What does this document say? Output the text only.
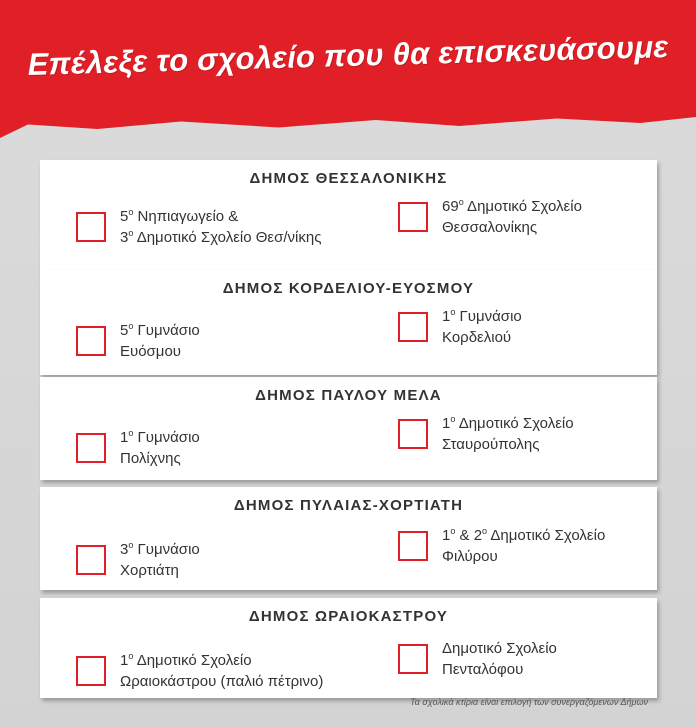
Επέλεξε το σχολείο που θα επισκευάσουμε
ΔΗΜΟΣ ΘΕΣΣΑΛΟΝΙΚΗΣ
$5^o$ Νηπιαγωγείο &
$3^o$ Δημοτικό Σχολείο Θεσ/νίκης
$69^o$ Δημοτικό Σχολείο
Θεσσαλονίκης
ΔΗΜΟΣ ΚΟΡΔΕΛΙΟΥ-ΕΥΟΣΜΟΥ
$5^o$ Γυμνάσιο
Ευόσμου
$1^o$ Γυμνάσιο
Κορδελιού
ΔΗΜΟΣ ΠΑΥΛΟΥ ΜΕΛΑ
$1^o$ Γυμνάσιο
Πολίχνης
$1^o$ Δημοτικό Σχολείο
Σταυρούπολης
ΔΗΜΟΣ ΠΥΛΑΙΑΣ-ΧΟΡΤΙΑΤΗ
$3^o$ Γυμνάσιο
Χορτιάτη
$1^o$ & $2^o$ Δημοτικό Σχολείο
Φιλύρου
ΔΗΜΟΣ ΩΡΑΙΟΚΑΣΤΡΟΥ
$1^o$ Δημοτικό Σχολείο
Ωραιοκάστρου (παλιό πέτρινο)
Δημοτικό Σχολείο
Πενταλόφου
Τα σχολικά κτίρια είναι επιλογή των συνεργαζόμενων Δήμων *
